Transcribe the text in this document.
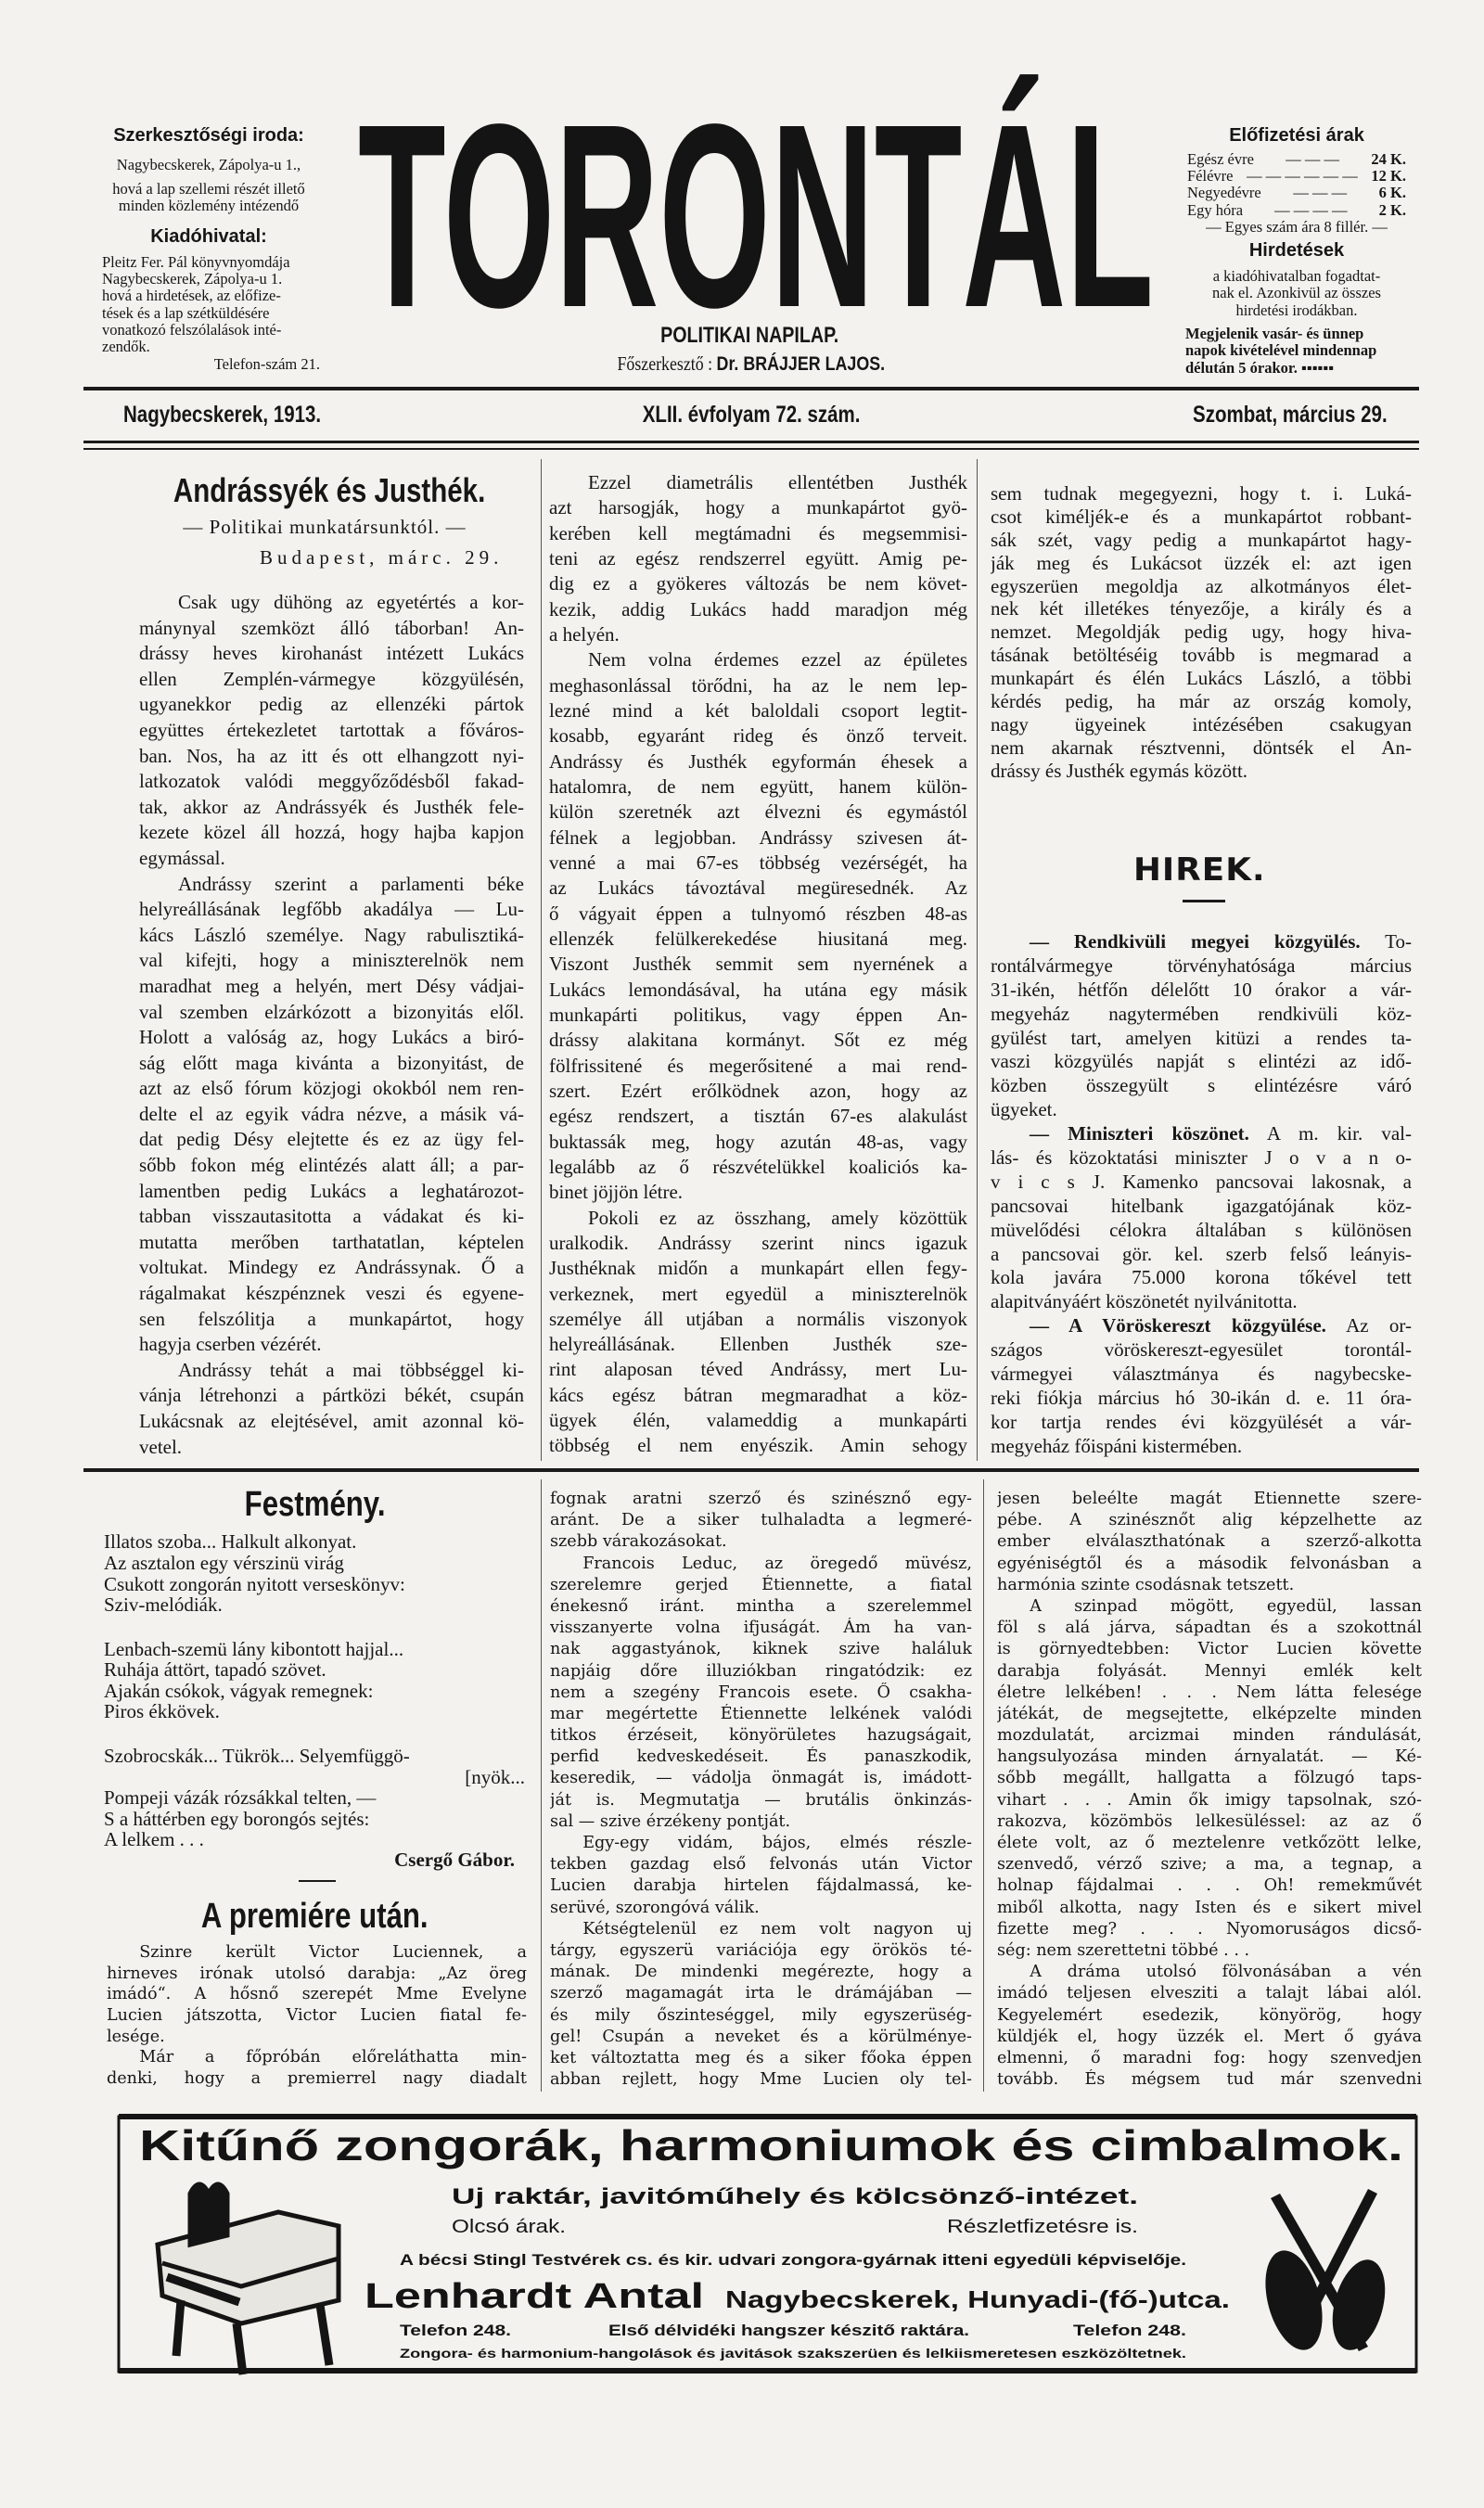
Szerkesztőségi iroda:
Nagybecskerek, Zápolya-u 1.,
hová a lap szellemi részét illető
minden közlemény intézendő
Kiadóhivatal:
Pleitz Fer. Pál könyvnyomdája
Nagybecskerek, Zápolya-u 1.
hová a hirdetések, az előfize-
tések és a lap szétküldésére
vonatkozó felszólalások inté-
zendők.
Telefon-szám 21.
TORONTÁL
POLITIKAI NAPILAP.
Főszerkesztő : Dr. BRÁJJER LAJOS.
Előfizetési árak
Egész évre — — — 24 K.
Félévre — — — — — — 12 K.
Negyedévre — — — 6 K.
Egy hóra — — — — 2 K.
— Egyes szám ára 8 fillér. —
Hirdetések
a kiadóhivatalban fogadtat-
nak el. Azonkivül az összes
hirdetési irodákban.
Megjelenik vasár- és ünnep
napok kivételével mindennap
délután 5 órakor. ▪▪▪▪▪▪
Nagybecskerek, 1913.	XLII. évfolyam 72. szám.	Szombat, március 29.
Andrássyék és Justhék.
— Politikai munkatársunktól. —
Budapest, márc. 29.
Csak ugy dühöng az egyetértés a kor-
mánynyal szemközt álló táborban! An-
drássy heves kirohanást intézett Lukács
ellen Zemplén-vármegye közgyülésén,
ugyanekkor pedig az ellenzéki pártok
együttes értekezletet tartottak a főváros-
ban. Nos, ha az itt és ott elhangzott nyi-
latkozatok valódi meggyőződésből fakad-
tak, akkor az Andrássyék és Justhék fele-
kezete közel áll hozzá, hogy hajba kapjon
egymással.
Andrássy szerint a parlamenti béke
helyreállásának legfőbb akadálya — Lu-
kács László személye. Nagy rabulisztiká-
val kifejti, hogy a miniszterelnök nem
maradhat meg a helyén, mert Désy vádjai-
val szemben elzárkózott a bizonyitás elől.
Holott a valóság az, hogy Lukács a biró-
ság előtt maga kivánta a bizonyitást, de
azt az első fórum közjogi okokból nem ren-
delte el az egyik vádra nézve, a másik vá-
dat pedig Désy elejtette és ez az ügy fel-
sőbb fokon még elintézés alatt áll; a par-
lamentben pedig Lukács a leghatározot-
tabban visszautasitotta a vádakat és ki-
mutatta merőben tarthatatlan, képtelen
voltukat. Mindegy ez Andrássynak. Ő a
rágalmakat készpénznek veszi és egyene-
sen felszólitja a munkapártot, hogy
hagyja cserben vézérét.
Andrássy tehát a mai többséggel ki-
vánja létrehonzi a pártközi békét, csupán
Lukácsnak az elejtésével, amit azonnal kö-
vetel.
Ezzel diametrális ellentétben Justhék
azt harsogják, hogy a munkapártot gyö-
kerében kell megtámadni és megsemmisi-
teni az egész rendszerrel együtt. Amig pe-
dig ez a gyökeres változás be nem követ-
kezik, addig Lukács hadd maradjon még
a helyén.
Nem volna érdemes ezzel az épületes
meghasonlással törődni, ha az le nem lep-
lezné mind a két baloldali csoport legtit-
kosabb, egyaránt rideg és önző terveit.
Andrássy és Justhék egyformán éhesek a
hatalomra, de nem együtt, hanem külön-
külön szeretnék azt élvezni és egymástól
félnek a legjobban. Andrássy szivesen át-
venné a mai 67-es többség vezérségét, ha
az Lukács távoztával megüresednék. Az
ő vágyait éppen a tulnyomó részben 48-as
ellenzék felülkerekedése hiusitaná meg.
Viszont Justhék semmit sem nyernének a
Lukács lemondásával, ha utána egy másik
munkapárti politikus, vagy éppen An-
drássy alakitana kormányt. Sőt ez még
fölfrissitené és megerősitené a mai rend-
szert. Ezért erőlködnek azon, hogy az
egész rendszert, a tisztán 67-es alakulást
buktassák meg, hogy azután 48-as, vagy
legalább az ő részvételükkel koaliciós ka-
binet jöjjön létre.
Pokoli ez az összhang, amely közöttük
uralkodik. Andrássy szerint nincs igazuk
Justhéknak midőn a munkapárt ellen fegy-
verkeznek, mert egyedül a miniszterelnök
személye áll utjában a normális viszonyok
helyreállásának. Ellenben Justhék sze-
rint alaposan téved Andrássy, mert Lu-
kács egész bátran megmaradhat a köz-
ügyek élén, valameddig a munkapárti
többség el nem enyészik. Amin sehogy
sem tudnak megegyezni, hogy t. i. Luká-
csot kiméljék-e és a munkapártot robbant-
sák szét, vagy pedig a munkapártot hagy-
ják meg és Lukácsot üzzék el: azt igen
egyszerüen megoldja az alkotmányos élet-
nek két illetékes tényezője, a király és a
nemzet. Megoldják pedig ugy, hogy hiva-
tásának betöltéséig tovább is megmarad a
munkapárt és élén Lukács László, a többi
kérdés pedig, ha már az ország komoly,
nagy ügyeinek intézésében csakugyan
nem akarnak résztvenni, döntsék el An-
drássy és Justhék egymás között.
HIREK.
— Rendkivüli megyei közgyülés. To-
rontálvármegye törvényhatósága március
31-ikén, hétfőn délelőtt 10 órakor a vár-
megyeház nagytermében rendkivüli köz-
gyülést tart, amelyen kitüzi a rendes ta-
vaszi közgyülés napját s elintézi az idő-
közben összegyült s elintézésre váró
ügyeket.
— Miniszteri köszönet. A m. kir. val-
lás- és közoktatási miniszter J o v a n o-
v i c s J. Kamenko pancsovai lakosnak, a
pancsovai hitelbank igazgatójának köz-
müvelődési célokra általában s különösen
a pancsovai gör. kel. szerb felső leányis-
kola javára 75.000 korona tőkével tett
alapitványáért köszönetét nyilvánitotta.
— A Vöröskereszt közgyülése. Az or-
szágos vöröskereszt-egyesület torontál-
vármegyei választmánya és nagybecske-
reki fiókja március hó 30-ikán d. e. 11 óra-
kor tartja rendes évi közgyülését a vár-
megyeház főispáni kistermében.
Festmény.
Illatos szoba... Halkult alkonyat.
Az asztalon egy vérszinü virág
Csukott zongorán nyitott verseskönyv:
Sziv-melódiák.
Lenbach-szemü lány kibontott hajjal...
Ruhája áttört, tapadó szövet.
Ajakán csókok, vágyak remegnek:
Piros ékkövek.
Szobrocskák... Tükrök... Selyemfüggö-
[nyök...
Pompeji vázák rózsákkal telten, —
S a háttérben egy borongós sejtés:
A lelkem . . .
Csergő Gábor.
A premiére után.
Szinre került Victor Luciennek, a
hirneves irónak utolsó darabja: „Az öreg
imádó“. A hősnő szerepét Mme Evelyne
Lucien játszotta, Victor Lucien fiatal fe-
lesége.
Már a főpróbán előreláthatta min-
denki, hogy a premierrel nagy diadalt
fognak aratni szerző és szinésznő egy-
aránt. De a siker tulhaladta a legmeré-
szebb várakozásokat.
Francois Leduc, az öregedő müvész,
szerelemre gerjed Étiennette, a fiatal
énekesnő iránt. mintha a szerelemmel
visszanyerte volna ifjuságát. Ám ha van-
nak aggastyánok, kiknek szive haláluk
napjáig dőre illuziókban ringatódzik: ez
nem a szegény Francois esete. Ő csakha-
mar megértette Étiennette lelkének valódi
titkos érzéseit, könyörületes hazugságait,
perfid kedveskedéseit. És panaszkodik,
keseredik, — vádolja önmagát is, imádott-
ját is. Megmutatja — brutális önkinzás-
sal — szive érzékeny pontját.
Egy-egy vidám, bájos, elmés részle-
tekben gazdag első felvonás után Victor
Lucien darabja hirtelen fájdalmassá, ke-
serüvé, szorongóvá válik.
Kétségtelenül ez nem volt nagyon uj
tárgy, egyszerü variációja egy örökös té-
mának. De mindenki megérezte, hogy a
szerző magamagát irta le drámájában —
és mily őszinteséggel, mily egyszerüség-
gel! Csupán a neveket és a körülménye-
ket változtatta meg és a siker főoka éppen
abban rejlett, hogy Mme Lucien oly tel-
jesen beleélte magát Etiennette szere-
pébe. A szinésznőt alig képzelhette az
ember elválaszthatónak a szerző-alkotta
egyéniségtől és a második felvonásban a
harmónia szinte csodásnak tetszett.
A szinpad mögött, egyedül, lassan
föl s alá járva, sápadtan és a szokottnál
is görnyedtebben: Victor Lucien követte
darabja folyását. Mennyi emlék kelt
életre lelkében! . . . Nem látta felesége
játékát, de megsejtette, elképzelte minden
mozdulatát, arcizmai minden rándulását,
hangsulyozása minden árnyalatát. — Ké-
sőbb megállt, hallgatta a fölzugó taps-
vihart . . . Amin ők imigy tapsolnak, szó-
rakozva, közömbös lelkesüléssel: az az ő
élete volt, az ő meztelenre vetkőzött lelke,
szenvedő, vérző szive; a ma, a tegnap, a
holnap fájdalmai . . . Oh! remekművét
miből alkotta, nagy Isten és e sikert mivel
fizette meg? . . . Nyomoruságos dicső-
ség: nem szerettetni többé . . .
A dráma utolsó fölvonásában a vén
imádó teljesen elvesziti a talajt lábai alól.
Kegyelemért esedezik, könyörög, hogy
küldjék el, hogy üzzék el. Mert ő gyáva
elmenni, ő maradni fog: hogy szenvedjen
tovább. És mégsem tud már szenvedni
Kitűnő zongorák, harmoniumok és cimbalmok.
Uj raktár, javitóműhely és kölcsönző-intézet.
Olcsó árak.	Részletfizetésre is.
A bécsi Stingl Testvérek cs. és kir. udvari zongora-gyárnak itteni egyedüli képviselője.
Lenhardt Antal Nagybecskerek, Hunyadi-(fő-)utca.
Telefon 248.	Első délvidéki hangszer készitő raktára.	Telefon 248.
Zongora- és harmonium-hangolások és javitások szakszerüen és lelkiismeretesen eszközöltetnek.
